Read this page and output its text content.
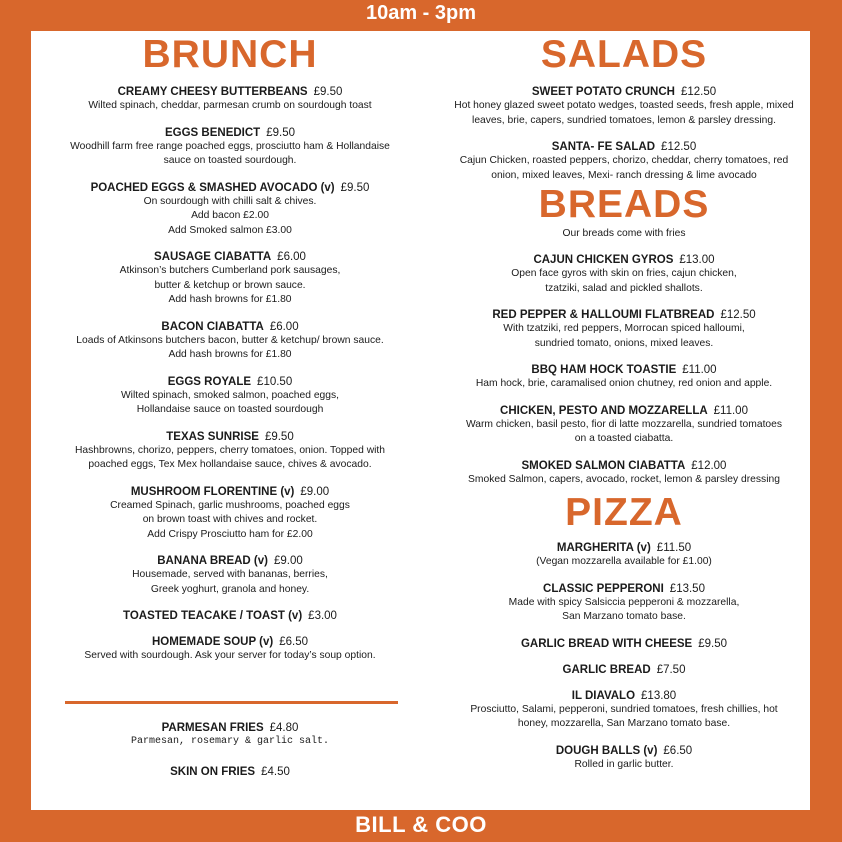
10am - 3pm
BRUNCH
CREAMY CHEESY BUTTERBEANS £9.50
Wilted spinach, cheddar, parmesan crumb on sourdough toast
EGGS BENEDICT £9.50
Woodhill farm free range poached eggs, prosciutto ham & Hollandaise
sauce on toasted sourdough.
POACHED EGGS & SMASHED AVOCADO (v) £9.50
On sourdough with chilli salt & chives.
Add bacon £2.00
Add Smoked salmon £3.00
SAUSAGE CIABATTA £6.00
Atkinson’s butchers Cumberland pork sausages,
butter & ketchup or brown sauce.
Add hash browns for £1.80
BACON CIABATTA £6.00
Loads of Atkinsons butchers bacon, butter & ketchup/ brown sauce.
Add hash browns for £1.80
EGGS ROYALE £10.50
Wilted spinach, smoked salmon, poached eggs,
Hollandaise sauce on toasted sourdough
TEXAS SUNRISE £9.50
Hashbrowns, chorizo, peppers, cherry tomatoes, onion. Topped with
poached eggs, Tex Mex hollandaise sauce, chives & avocado.
MUSHROOM FLORENTINE (v) £9.00
Creamed Spinach, garlic mushrooms, poached eggs
on brown toast with chives and rocket.
Add Crispy Prosciutto ham for £2.00
BANANA BREAD (v) £9.00
Housemade, served with bananas, berries,
Greek yoghurt, granola and honey.
TOASTED TEACAKE / TOAST (v) £3.00
HOMEMADE SOUP (v) £6.50
Served with sourdough. Ask your server for today’s soup option.
PARMESAN FRIES £4.80
Parmesan, rosemary & garlic salt.
SKIN ON FRIES £4.50
SALADS
SWEET POTATO CRUNCH £12.50
Hot honey glazed sweet potato wedges, toasted seeds, fresh apple, mixed
leaves, brie, capers, sundried tomatoes, lemon & parsley dressing.
SANTA- FE SALAD £12.50
Cajun Chicken, roasted peppers, chorizo, cheddar, cherry tomatoes, red
onion, mixed leaves, Mexi- ranch dressing & lime avocado
BREADS
Our breads come with fries
CAJUN CHICKEN GYROS £13.00
Open face gyros with skin on fries, cajun chicken,
tzatziki, salad and pickled shallots.
RED PEPPER & HALLOUMI FLATBREAD £12.50
With tzatziki, red peppers, Morrocan spiced halloumi,
sundried tomato, onions, mixed leaves.
BBQ HAM HOCK TOASTIE £11.00
Ham hock, brie, caramalised onion chutney, red onion and apple.
CHICKEN, PESTO AND MOZZARELLA £11.00
Warm chicken, basil pesto, fior di latte mozzarella, sundried tomatoes
on a toasted ciabatta.
SMOKED SALMON CIABATTA £12.00
Smoked Salmon, capers, avocado, rocket, lemon & parsley dressing
PIZZA
MARGHERITA (v) £11.50
(Vegan mozzarella available for £1.00)
CLASSIC PEPPERONI £13.50
Made with spicy Salsiccia pepperoni & mozzarella,
San Marzano tomato base.
GARLIC BREAD WITH CHEESE £9.50
GARLIC BREAD £7.50
IL DIAVALO £13.80
Prosciutto, Salami, pepperoni, sundried tomatoes, fresh chillies, hot
honey, mozzarella, San Marzano tomato base.
DOUGH BALLS (v) £6.50
Rolled in garlic butter.
BILL & COO
